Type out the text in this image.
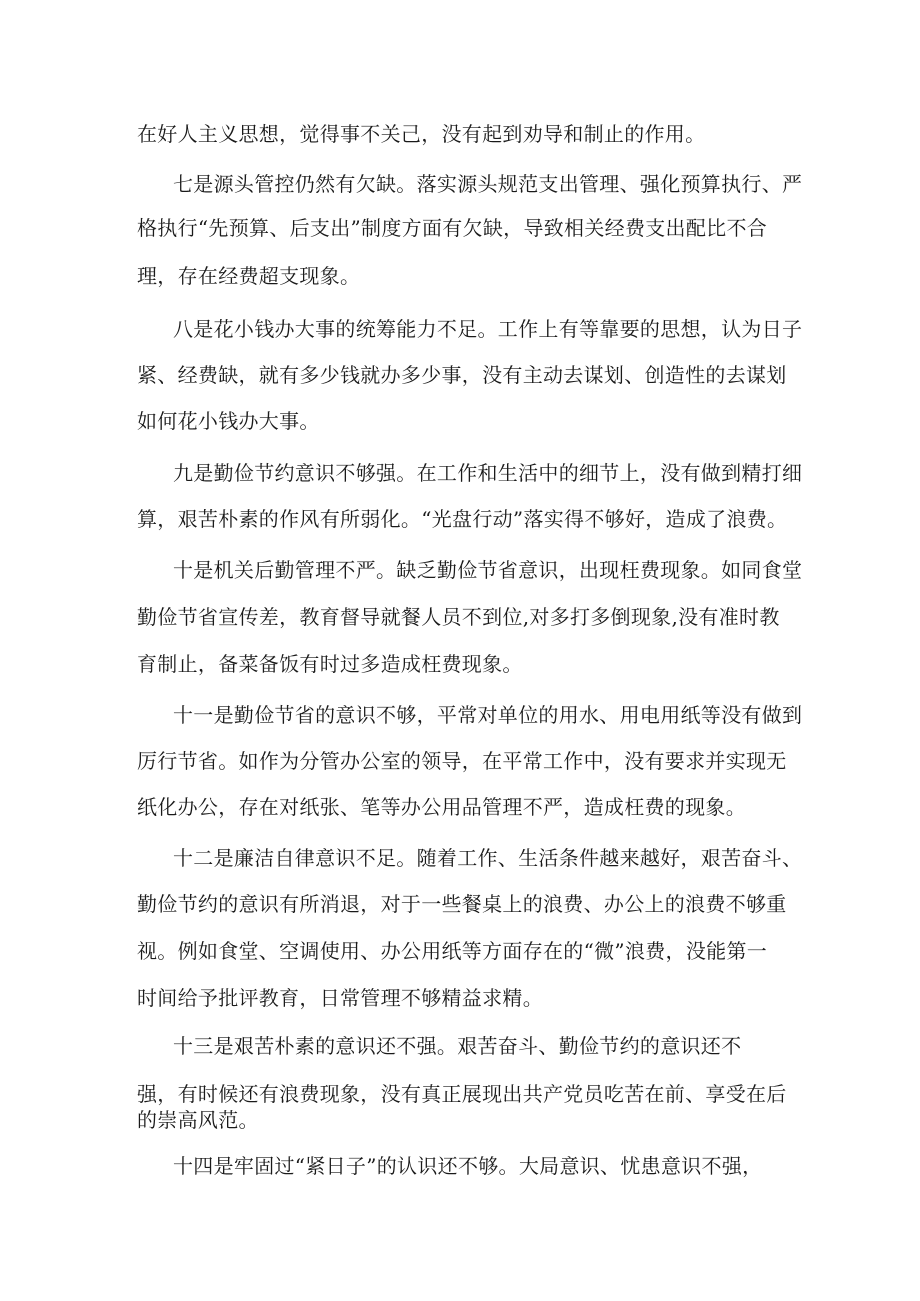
在好人主义思想，觉得事不关己，没有起到劝导和制止的作用。

七是源头管控仍然有欠缺。落实源头规范支出管理、强化预算执行、严

格执行“先预算、后支出”制度方面有欠缺，导致相关经费支出配比不合

理，存在经费超支现象。

八是花小钱办大事的统筹能力不足。工作上有等靠要的思想，认为日子

紧、经费缺，就有多少钱就办多少事，没有主动去谋划、创造性的去谋划

如何花小钱办大事。

九是勤俭节约意识不够强。在工作和生活中的细节上，没有做到精打细

算，艰苦朴素的作风有所弱化。“光盘行动”落实得不够好，造成了浪费。

十是机关后勤管理不严。缺乏勤俭节省意识，出现枉费现象。如同食堂

勤俭节省宣传差，教育督导就餐人员不到位,对多打多倒现象,没有准时教

育制止，备菜备饭有时过多造成枉费现象。

十一是勤俭节省的意识不够，平常对单位的用水、用电用纸等没有做到

厉行节省。如作为分管办公室的领导，在平常工作中，没有要求并实现无

纸化办公，存在对纸张、笔等办公用品管理不严，造成枉费的现象。

十二是廉洁自律意识不足。随着工作、生活条件越来越好，艰苦奋斗、

勤俭节约的意识有所消退，对于一些餐桌上的浪费、办公上的浪费不够重

视。例如食堂、空调使用、办公用纸等方面存在的“微”浪费，没能第一

时间给予批评教育，日常管理不够精益求精。

十三是艰苦朴素的意识还不强。艰苦奋斗、勤俭节约的意识还不

强，有时候还有浪费现象，没有真正展现出共产党员吃苦在前、享受在后

的崇高风范。

十四是牢固过“紧日子”的认识还不够。大局意识、忧患意识不强，
